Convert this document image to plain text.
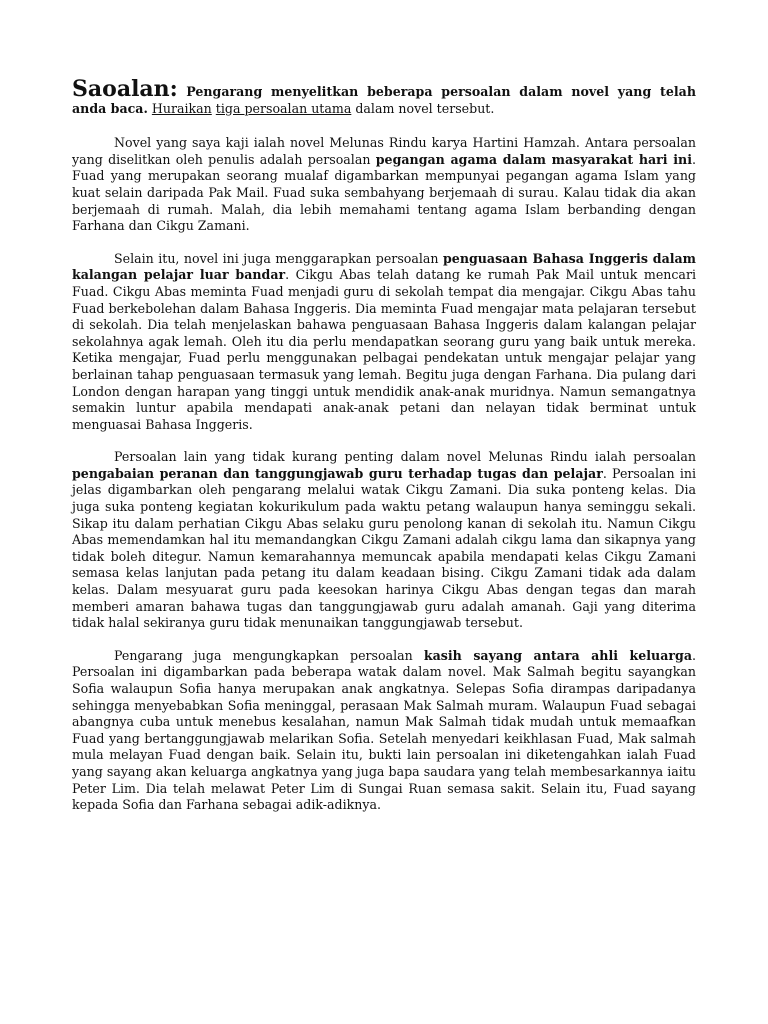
Saoalan: Pengarang menyelitkan beberapa persoalan dalam novel yang telah anda baca. Huraikan tiga persoalan utama dalam novel tersebut.

Novel yang saya kaji ialah novel Melunas Rindu karya Hartini Hamzah. Antara persoalan yang diselitkan oleh penulis adalah persoalan pegangan agama dalam masyarakat hari ini. Fuad yang merupakan seorang mualaf digambarkan mempunyai pegangan agama Islam yang kuat selain daripada Pak Mail. Fuad suka sembahyang berjemaah di surau. Kalau tidak dia akan berjemaah di rumah. Malah, dia lebih memahami tentang agama Islam berbanding dengan Farhana dan Cikgu Zamani.

Selain itu, novel ini juga menggarapkan persoalan penguasaan Bahasa Inggeris dalam kalangan pelajar luar bandar. Cikgu Abas telah datang ke rumah Pak Mail untuk mencari Fuad. Cikgu Abas meminta Fuad menjadi guru di sekolah tempat dia mengajar. Cikgu Abas tahu Fuad berkebolehan dalam Bahasa Inggeris. Dia meminta Fuad mengajar mata pelajaran tersebut di sekolah. Dia telah menjelaskan bahawa penguasaan Bahasa Inggeris dalam kalangan pelajar sekolahnya agak lemah. Oleh itu dia perlu mendapatkan seorang guru yang baik untuk mereka. Ketika mengajar, Fuad perlu menggunakan pelbagai pendekatan untuk mengajar pelajar yang berlainan tahap penguasaan termasuk yang lemah. Begitu juga dengan Farhana. Dia pulang dari London dengan harapan yang tinggi untuk mendidik anak-anak muridnya. Namun semangatnya semakin luntur apabila mendapati anak-anak petani dan nelayan tidak berminat untuk menguasai Bahasa Inggeris.

Persoalan lain yang tidak kurang penting dalam novel Melunas Rindu ialah persoalan pengabaian peranan dan tanggungjawab guru terhadap tugas dan pelajar. Persoalan ini jelas digambarkan oleh pengarang melalui watak Cikgu Zamani. Dia suka ponteng kelas. Dia juga suka ponteng kegiatan kokurikulum pada waktu petang walaupun hanya seminggu sekali. Sikap itu dalam perhatian Cikgu Abas selaku guru penolong kanan di sekolah itu. Namun Cikgu Abas memendamkan hal itu memandangkan Cikgu Zamani adalah cikgu lama dan sikapnya yang tidak boleh ditegur. Namun kemarahannya memuncak apabila mendapati kelas Cikgu Zamani semasa kelas lanjutan pada petang itu dalam keadaan bising. Cikgu Zamani tidak ada dalam kelas. Dalam mesyuarat guru pada keesokan harinya Cikgu Abas dengan tegas dan marah memberi amaran bahawa tugas dan tanggungjawab guru adalah amanah. Gaji yang diterima tidak halal sekiranya guru tidak menunaikan tanggungjawab tersebut.

Pengarang juga mengungkapkan persoalan kasih sayang antara ahli keluarga. Persoalan ini digambarkan pada beberapa watak dalam novel. Mak Salmah begitu sayangkan Sofia walaupun Sofia hanya merupakan anak angkatnya. Selepas Sofia dirampas daripadanya sehingga menyebabkan Sofia meninggal, perasaan Mak Salmah muram. Walaupun Fuad sebagai abangnya cuba untuk menebus kesalahan, namun Mak Salmah tidak mudah untuk memaafkan Fuad yang bertanggungjawab melarikan Sofia. Setelah menyedari keikhlasan Fuad, Mak salmah mula melayan Fuad dengan baik. Selain itu, bukti lain persoalan ini diketengahkan ialah Fuad yang sayang akan keluarga angkatnya yang juga bapa saudara yang telah membesarkannya iaitu Peter Lim. Dia telah melawat Peter Lim di Sungai Ruan semasa sakit. Selain itu, Fuad sayang kepada Sofia dan Farhana sebagai adik-adiknya.
